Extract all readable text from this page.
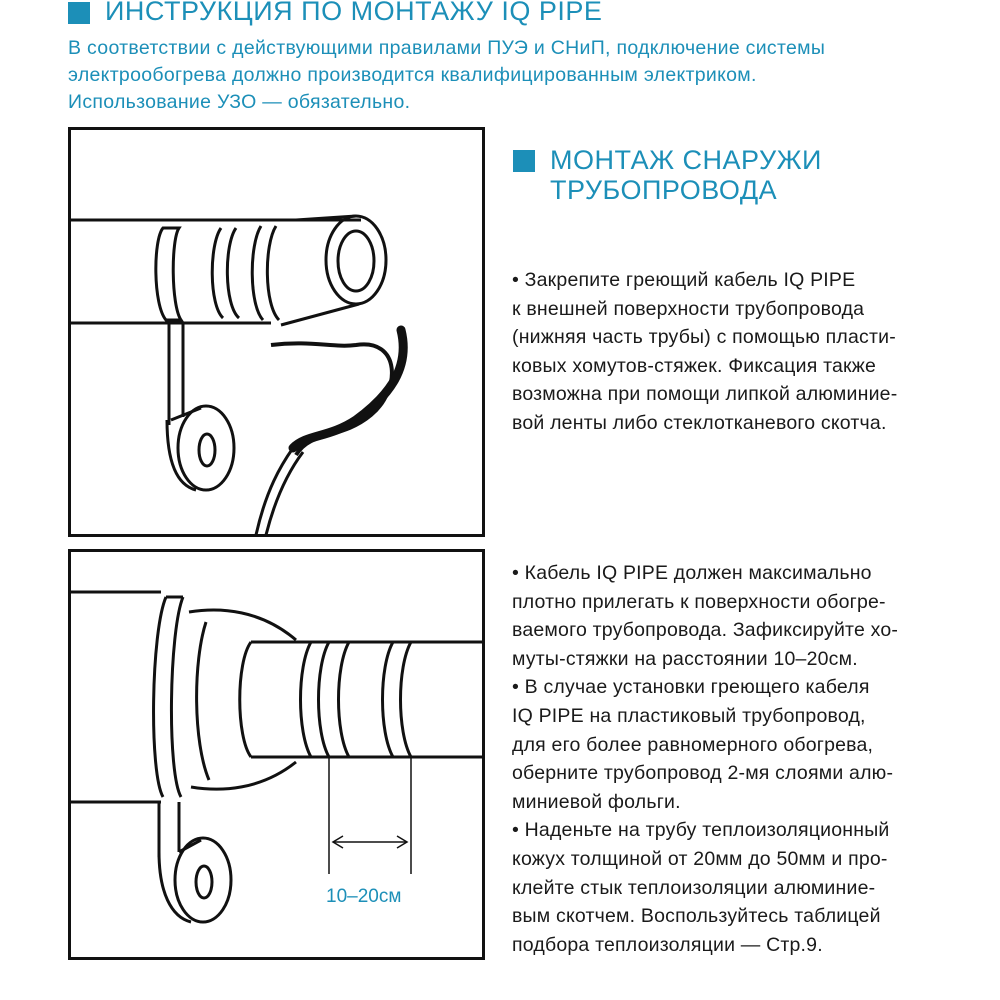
ИНСТРУКЦИЯ ПО МОНТАЖУ IQ PIPE
В соответствии с действующими правилами ПУЭ и СНиП, подключение системы
электрообогрева должно производится квалифицированным электриком.
Использование УЗО — обязательно.
МОНТАЖ СНАРУЖИ
ТРУБОПРОВОДА
• Закрепите греющий кабель IQ PIPE
к внешней поверхности трубопровода
(нижняя часть трубы) с помощью пласти-
ковых хомутов-стяжек. Фиксация также
возможна при помощи липкой алюминие-
вой ленты либо стеклотканевого скотча.
10–20см
• Кабель IQ PIPE должен максимально
плотно прилегать к поверхности обогре-
ваемого трубопровода. Зафиксируйте хо-
муты-стяжки на расстоянии 10–20см.
• В случае установки греющего кабеля
IQ PIPE на пластиковый трубопровод,
для его более равномерного обогрева,
оберните трубопровод 2-мя слоями алю-
миниевой фольги.
• Наденьте на трубу теплоизоляционный
кожух толщиной от 20мм до 50мм и про-
клейте стык теплоизоляции алюминие-
вым скотчем. Воспользуйтесь таблицей
подбора теплоизоляции — Стр.9.
